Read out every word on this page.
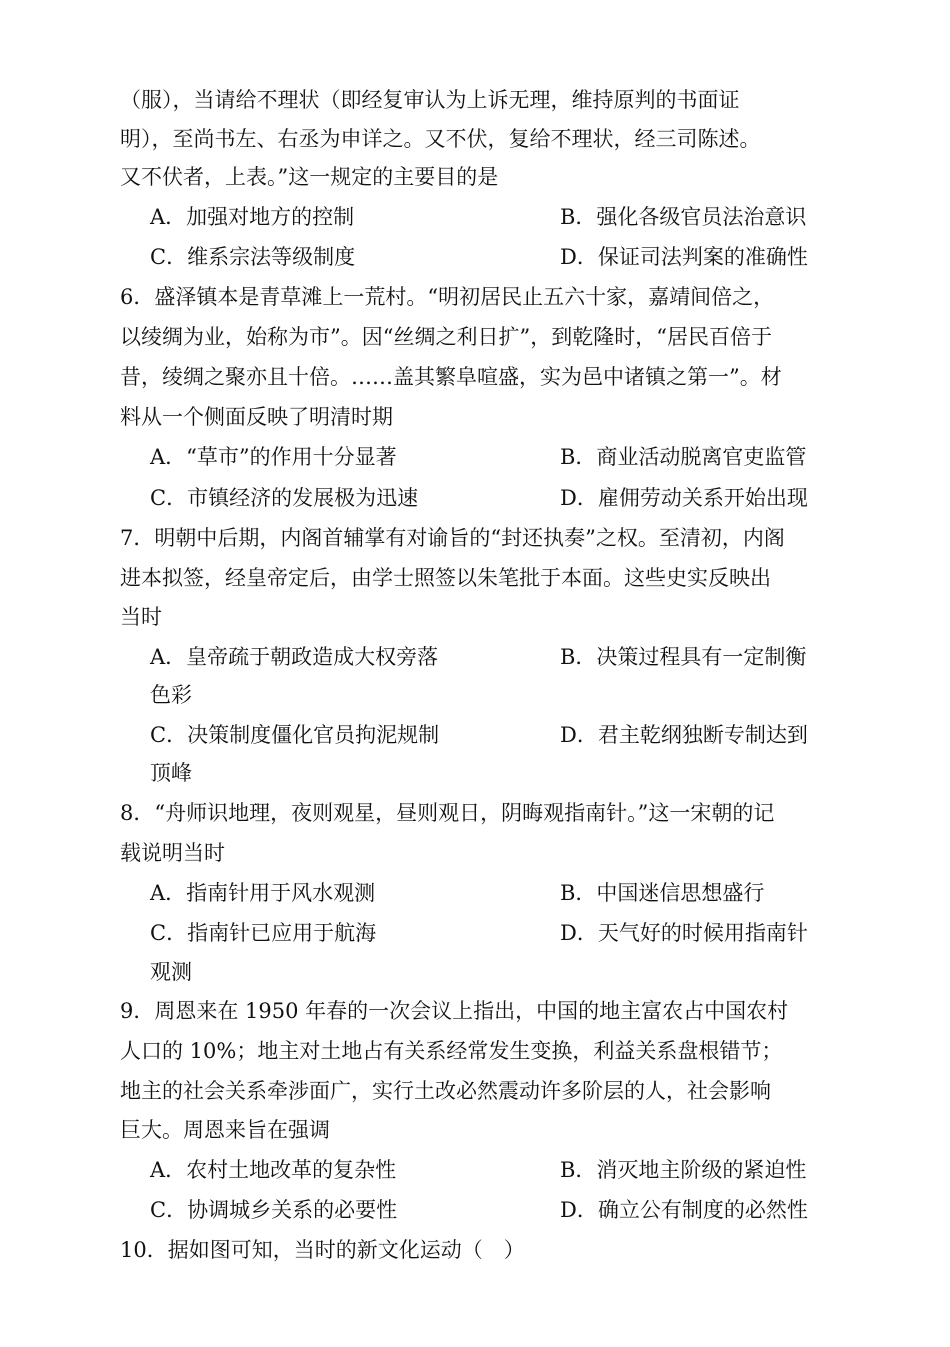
（服），当请给不理状（即经复审认为上诉无理，维持原判的书面证
明），至尚书左、右丞为申详之。又不伏，复给不理状，经三司陈述。
又不伏者，上表。”这一规定的主要目的是
A．加强对地方的控制	B．强化各级官员法治意识
C．维系宗法等级制度	D．保证司法判案的准确性
6．盛泽镇本是青草滩上一荒村。“明初居民止五六十家，嘉靖间倍之，
以绫绸为业，始称为市”。因“丝绸之利日扩”，到乾隆时，“居民百倍于
昔，绫绸之聚亦且十倍。……盖其繁阜喧盛，实为邑中诸镇之第一”。材
料从一个侧面反映了明清时期
A．“草市”的作用十分显著	B．商业活动脱离官吏监管
C．市镇经济的发展极为迅速	D．雇佣劳动关系开始出现
7．明朝中后期，内阁首辅掌有对谕旨的“封还执奏”之权。至清初，内阁
进本拟签，经皇帝定后，由学士照签以朱笔批于本面。这些史实反映出
当时
A．皇帝疏于朝政造成大权旁落	B．决策过程具有一定制衡
色彩
C．决策制度僵化官员拘泥规制	D．君主乾纲独断专制达到
顶峰
8．“舟师识地理，夜则观星，昼则观日，阴晦观指南针。”这一宋朝的记
载说明当时
A．指南针用于风水观测	B．中国迷信思想盛行
C．指南针已应用于航海	D．天气好的时候用指南针
观测
9．周恩来在 1950 年春的一次会议上指出，中国的地主富农占中国农村
人口的 10%；地主对土地占有关系经常发生变换，利益关系盘根错节；
地主的社会关系牵涉面广，实行土改必然震动许多阶层的人，社会影响
巨大。周恩来旨在强调
A．农村土地改革的复杂性	B．消灭地主阶级的紧迫性
C．协调城乡关系的必要性	D．确立公有制度的必然性
10．据如图可知，当时的新文化运动（　）
